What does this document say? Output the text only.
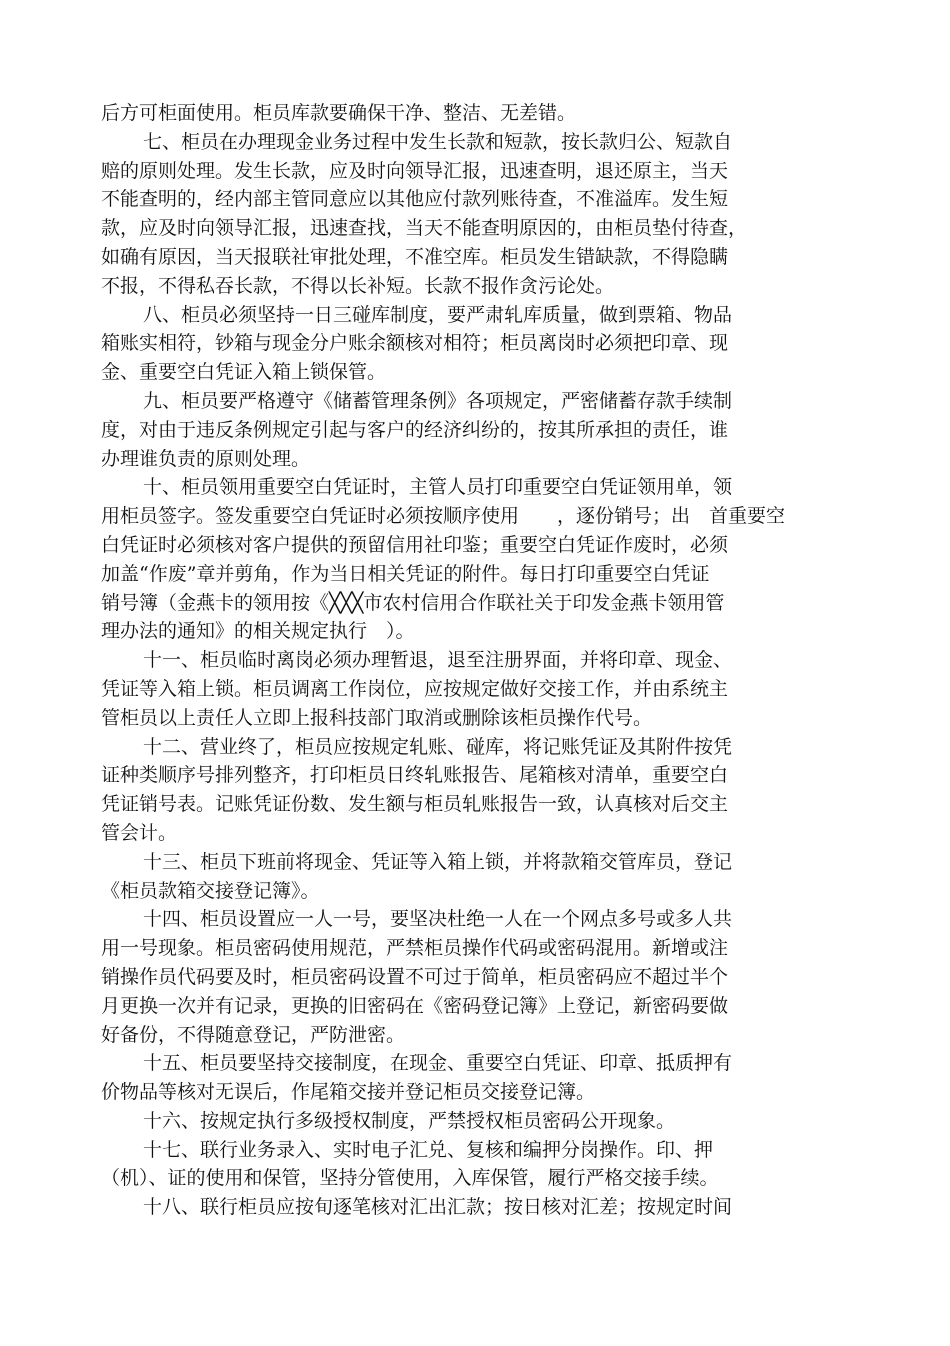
后方可柜面使用。柜员库款要确保干净、整洁、无差错。
七、柜员在办理现金业务过程中发生长款和短款，按长款归公、短款自
赔的原则处理。发生长款，应及时向领导汇报，迅速查明，退还原主，当天
不能查明的，经内部主管同意应以其他应付款列账待查，不准溢库。发生短
款，应及时向领导汇报，迅速查找，当天不能查明原因的，由柜员垫付待查，
如确有原因，当天报联社审批处理，不准空库。柜员发生错缺款，不得隐瞒
不报，不得私吞长款，不得以长补短。长款不报作贪污论处。
八、柜员必须坚持一日三碰库制度，要严肃轧库质量，做到票箱、物品
箱账实相符，钞箱与现金分户账余额核对相符；柜员离岗时必须把印章、现
金、重要空白凭证入箱上锁保管。
九、柜员要严格遵守《储蓄管理条例》各项规定，严密储蓄存款手续制
度，对由于违反条例规定引起与客户的经济纠纷的，按其所承担的责任，谁
办理谁负责的原则处理。
十、柜员领用重要空白凭证时，主管人员打印重要空白凭证领用单，领
用柜员签字。签发重要空白凭证时必须按顺序使用　　，逐份销号；出　首重要空
白凭证时必须核对客户提供的预留信用社印鉴；重要空白凭证作废时，必须
加盖“作废”章并剪角，作为当日相关凭证的附件。每日打印重要空白凭证
销号簿（金燕卡的领用按《╳╳╳市农村信用合作联社关于印发金燕卡领用管
理办法的通知》的相关规定执行　）。
十一、柜员临时离岗必须办理暂退，退至注册界面，并将印章、现金、
凭证等入箱上锁。柜员调离工作岗位，应按规定做好交接工作，并由系统主
管柜员以上责任人立即上报科技部门取消或删除该柜员操作代号。
十二、营业终了，柜员应按规定轧账、碰库，将记账凭证及其附件按凭
证种类顺序号排列整齐，打印柜员日终轧账报告、尾箱核对清单，重要空白
凭证销号表。记账凭证份数、发生额与柜员轧账报告一致，认真核对后交主
管会计。
十三、柜员下班前将现金、凭证等入箱上锁，并将款箱交管库员，登记
《柜员款箱交接登记簿》。
十四、柜员设置应一人一号，要坚决杜绝一人在一个网点多号或多人共
用一号现象。柜员密码使用规范，严禁柜员操作代码或密码混用。新增或注
销操作员代码要及时，柜员密码设置不可过于简单，柜员密码应不超过半个
月更换一次并有记录，更换的旧密码在《密码登记簿》上登记，新密码要做
好备份，不得随意登记，严防泄密。
十五、柜员要坚持交接制度，在现金、重要空白凭证、印章、抵质押有
价物品等核对无误后，作尾箱交接并登记柜员交接登记簿。
十六、按规定执行多级授权制度，严禁授权柜员密码公开现象。
十七、联行业务录入、实时电子汇兑、复核和编押分岗操作。印、押
（机）、证的使用和保管，坚持分管使用，入库保管，履行严格交接手续。
十八、联行柜员应按旬逐笔核对汇出汇款；按日核对汇差；按规定时间
